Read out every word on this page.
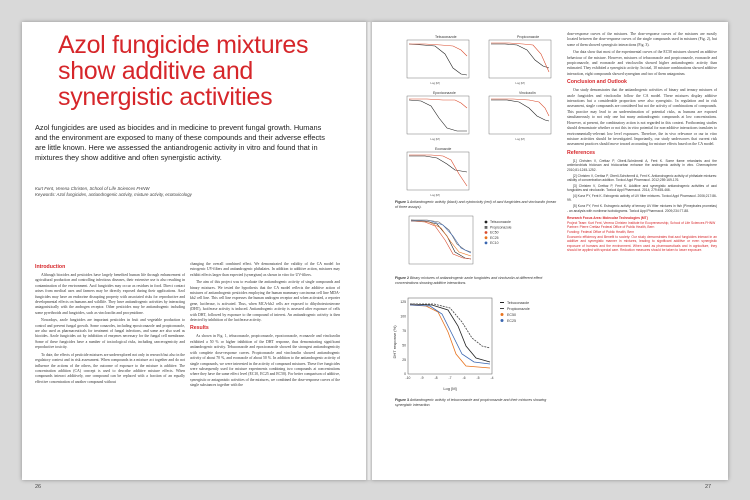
Azol fungicide mixtures
show additive and
synergistic activities
Azol fungicides are used as biocides and in medicine to prevent fungal growth. Humans and the environment are exposed to many of these compounds and their adverse effects are little known. Here we assessed the antiandrogenic activity in vitro and found that in mixtures they show additive and often synergistic activity.
Kurt Fent, Verena Christen, School of Life Sciences FHNW
Keywords: Azol fungicides, antiandrogenic activity, mixture activity, ecotoxicology
Introduction

Although biocides and pesticides have largely benefited human life through enhancement of agricultural production and controlling infectious diseases, their extensive use is also resulting in contamination of the environment. Azol fungicides may occur as residues in food. Direct contact arises from medical uses and farmers may be directly exposed during their applications. Azol fungicides may have an endocrine disrupting property with associated risks for reproductive and developmental effects on humans and wildlife. They have antiandrogenic activities by interacting antagonistically with the androgen receptor. Other pesticides may be antiandrogenic including some pyrethroids and fungicides, such as vinclozolin and procymidone.

Nowadays, azole fungicides are important pesticides in fruit and vegetable production to control and prevent fungal growth. Some conazoles, including epoxiconazole and propiconazole, are also used as pharmaceuticals for treatment of fungal infections, and some are also used as biocides. Azole fungicides act by inhibition of enzymes necessary for the fungal cell membrane. Some of these fungicides have a number of toxicological risks, including cancerogenicity and reproductive toxicity.

To date, the effects of pesticide mixtures are underexplored not only in research but also in the regulatory context and in risk assessment. When compounds in a mixture act together and do not influence the actions of the others, the outcome of exposure to the mixture is additive. The concentration addition (CA) concept is used to describe additive mixture effects. When compounds interact additively, one compound can be replaced with a fraction of an equally effective concentration of another compound without

changing the overall combined effect. We demonstrated the validity of the CA model for estrogenic UV-filters and antiandrogenic phthalates. In addition to additive action, mixtures may exhibit effects larger than expected (synergism) as shown in vitro for UV-filters.

The aim of this project was to evaluate the antiandrogenic activity of single compounds and binary mixtures. We tested the hypothesis that the CA model reflects the additive action of mixtures of antiandrogenic pesticides employing the human mammary carcinoma cell line MDA-kb2 cell line. This cell line expresses the human androgen receptor and when activated, a reporter gene, luciferase, is activated. Thus, when MCA-kb2 cells are exposed to dihydrotestosterone (DHT), luciferase activity is induced. Antiandrogenic activity is assessed after exposure of cells with DHT, followed by exposure to the compound of interest. An antiandrogenic activity is then detected by inhibition of the luciferase activity.

Results

As shown in Fig. 1, tebuconazole, propiconazole, epoxiconazole, econazole and vinclozolin exhibited a 50 % or higher inhibition of the DHT response, thus demonstrating significant antiandrogenic activity. Tebuconazole and epoxiconazole showed the strongest antiandrogenicity with complete dose-response curves. Propiconazole and vinclozolin showed antiandrogenic activity of about 70 %, and econazole of about 50 %. In addition to the antiandrogenic activity of single compounds, we were interested in the activity of compound mixtures. These five fungicides were subsequently used for mixture experiments combining two compounds at concentrations where they have the same effect level (EC10, EC25 and EC50). For better comparison of additive, synergistic or antagonistic activities of the mixtures, we combined the dose-response curves of the single substances together with the

26
Tebuconazole
Log [M]
Propiconazole
Log [M]
Epoxiconazole
Log [M]
Vinclozolin
Log [M]
Econazole
Log [M]
Figure 1 Antiandrogenic activity (black) and cytotoxicity (red) of azol fungicides and vinclozolin (mean of three assays).
Tebuconazole
Propiconazole
EC50
EC25
EC10
Figure 2 Binary mixtures of antiandrogenic azole fungicides and vinclozolin at different effect concentrations showing additive interactions.
DHT response (%)
0
25
50
75
100
125
-10	-9	-8	-7	-6	-5	-4
Log [M]
Tebuconazole
Propiconazole
EC50
EC25
Figure 3 Antiandrogenic activity of tebuconazole and propiconazole and their mixtures showing synergistic interaction.

dose-response curves of the mixtures. The dose-response curves of the mixtures are mostly located between the dose-response curves of the single compounds used in mixtures (Fig. 2), but some of them showed synergistic interactions (Fig. 3).

Our data show that most of the experimental curves of the EC50 mixtures showed an additive behaviour of the mixture. However, mixtures of tebuconazole and propiconazole, econazole and propiconazole, and econazole and vinclozolin showed higher antiandrogenic activity than estimated. They exhibited a synergistic activity. In total, 10 mixture combinations showed additive interaction, eight compounds showed synergism and two of them antagonism.

Conclusion and Outlook

Our study demonstrates that the antiandrogenic activities of binary and ternary mixtures of azole fungicides and vinclozolin follow the CA model. These mixtures display additive interactions but a considerable proportion were also synergistic. In regulation and in risk assessment, single compounds are considered but not the activity of combinations of compounds. This practice may lead to an underestimation of potential risks, as humans are exposed simultaneously to not only one but many antiandrogenic compounds at low concentrations. However, at present, the combinatory action is not regarded in this context. Forthcoming studies should demonstrate whether or not this in vitro potential for non-additive interactions translates to environmentally-relevant low level exposures. Therefore, the in vivo relevance or our in vitro mixture activities should be investigated. Importantly, our study underscores that current risk assessment practices should move toward accounting for mixture effects based on the CA model.

References

[1] Christen V, Crettaz P, Oberli-Schrämmli A, Fent K. Some flame retardants and the antimicrobials triclosan and triclocarban enhance the androgenic activity in vitro. Chemosphere 2010;81:1245-1252.

[2] Christen V, Crettaz P, Oberli-Schrämmli A, Fent K. Antiandrogenic activity of phthalate mixtures: validity of concentration addition. Toxicol Appl Pharmacol. 2012;259:169-176.

[3] Christen V, Crettaz P, Fent K. Additive and synergistic antiandrogenic activities of azol fungicides and vinclozolin. Toxicol Appl Pharmacol. 2014; 279:455-466.

[4] Kunz PY, Fent K. Estrogenic activity of UV filter mixtures. Toxicol Appl Pharmacol. 2006;217:86-99.

[5] Kunz PY, Fent K. Estrogenic activity of ternary UV filter mixtures in fish (Pimephales promelas) - an analysis with nonlinear isobolograms. Toxicol Appl Pharmacol. 2009;234:77-88.

Research Focus Area: Molecular Technologies (MT)
Project Team: Kurt Fent, Verena Christen Institute for Ecopreneurship, School of Life Sciences FHNW
Partner: Pierre Crettaz Federal Office of Public Health, Bern
Funding: Federal Office of Public Health, Bern
Economic efficiency and Benefit to society: Our study demonstrates that azol fungicides interact in an additive and synergistic manner in mixtures, leading to significant additive or even synergistic exposure of humans and the environment. When used as pharmaceuticals and in agriculture, they should be applied with special care. Reduction measures should be taken to lower exposure.
27
